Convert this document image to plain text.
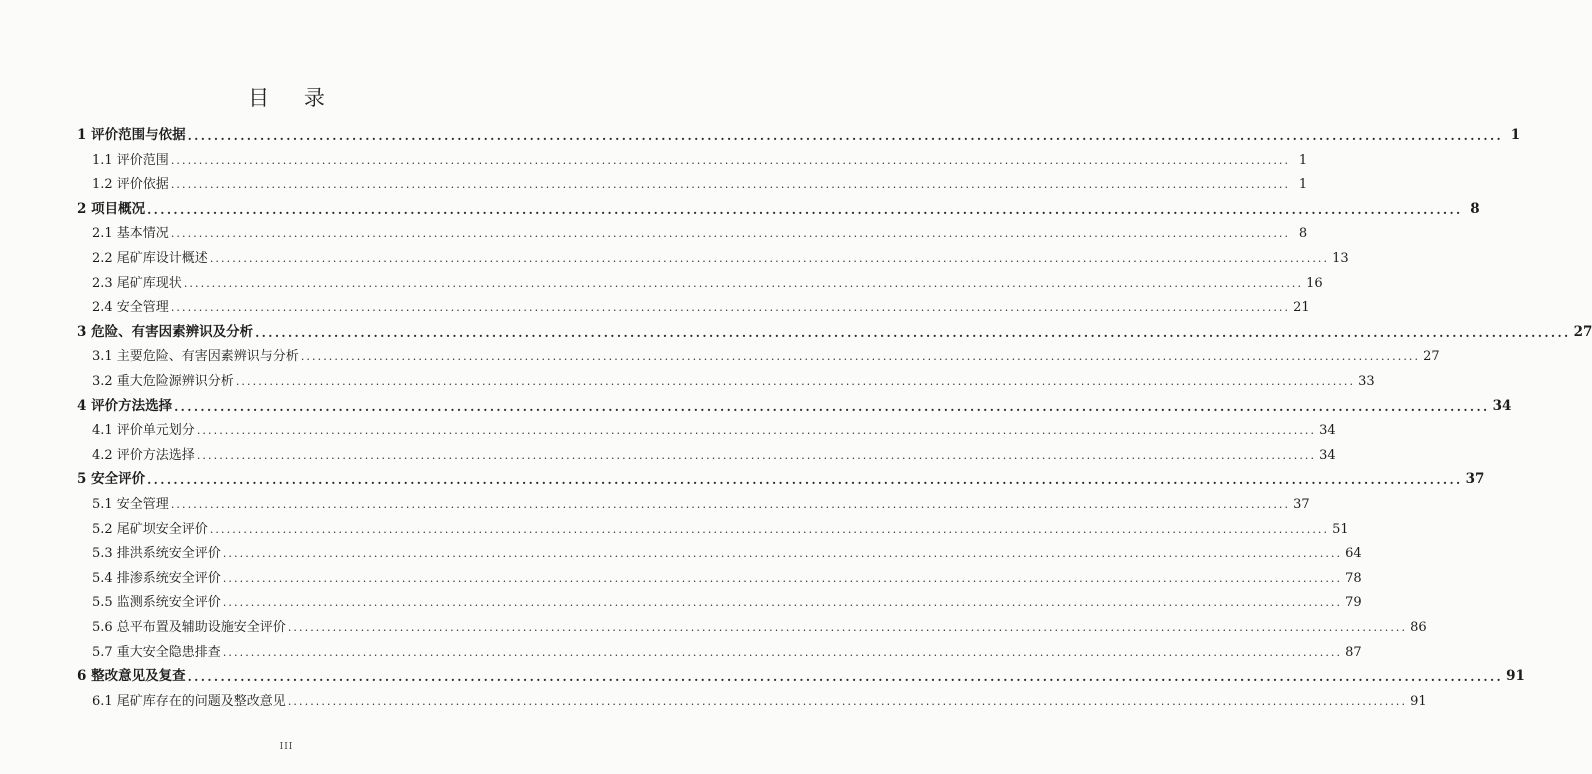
目 录
1 评价范围与依据 ........................................................................................................................................................................................................ 1
1.1 评价范围 ........................................................................................................................................................................................................ 1
1.2 评价依据 ........................................................................................................................................................................................................ 1
2 项目概况 ........................................................................................................................................................................................................ 8
2.1 基本情况 ........................................................................................................................................................................................................ 8
2.2 尾矿库设计概述 ........................................................................................................................................................................................................ 13
2.3 尾矿库现状 ........................................................................................................................................................................................................ 16
2.4 安全管理 ........................................................................................................................................................................................................ 21
3 危险、有害因素辨识及分析 ........................................................................................................................................................................................................ 27
3.1 主要危险、有害因素辨识与分析 ........................................................................................................................................................................................................ 27
3.2 重大危险源辨识分析 ........................................................................................................................................................................................................ 33
4 评价方法选择 ........................................................................................................................................................................................................ 34
4.1 评价单元划分 ........................................................................................................................................................................................................ 34
4.2 评价方法选择 ........................................................................................................................................................................................................ 34
5 安全评价 ........................................................................................................................................................................................................ 37
5.1 安全管理 ........................................................................................................................................................................................................ 37
5.2 尾矿坝安全评价 ........................................................................................................................................................................................................ 51
5.3 排洪系统安全评价 ........................................................................................................................................................................................................ 64
5.4 排渗系统安全评价 ........................................................................................................................................................................................................ 78
5.5 监测系统安全评价 ........................................................................................................................................................................................................ 79
5.6 总平布置及辅助设施安全评价 ........................................................................................................................................................................................................ 86
5.7 重大安全隐患排查 ........................................................................................................................................................................................................ 87
6 整改意见及复查 ........................................................................................................................................................................................................ 91
6.1 尾矿库存在的问题及整改意见 ........................................................................................................................................................................................................ 91
III
